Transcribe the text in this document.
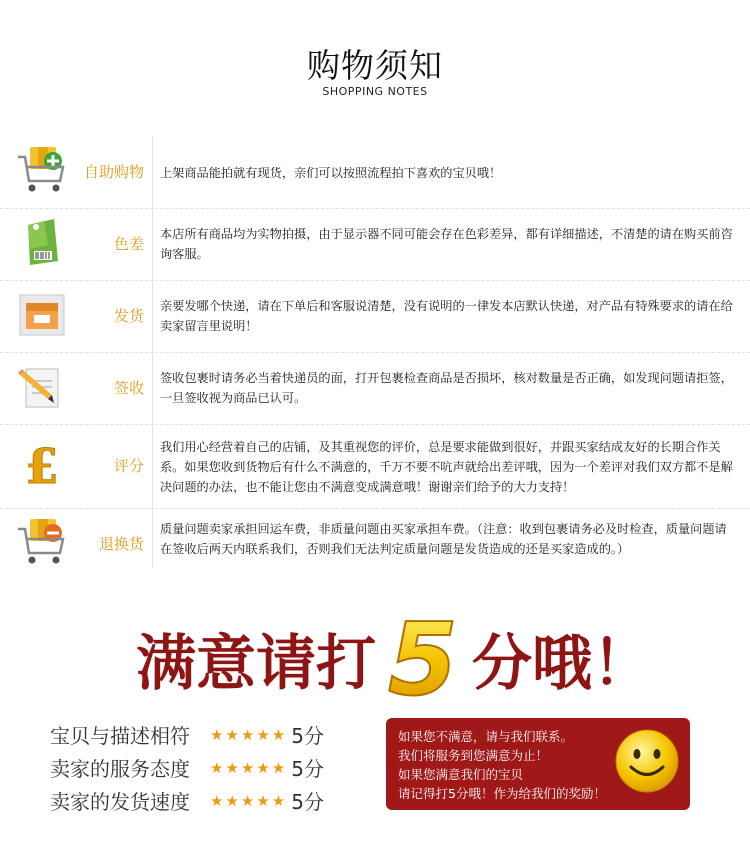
购物须知
SHOPPING NOTES
自助购物 上架商品能拍就有现货，亲们可以按照流程拍下喜欢的宝贝哦！
色差
本店所有商品均为实物拍摄，由于显示器不同可能会存在色彩差异，都有详细描述，不清楚的请在购买前咨询客服。
发货
亲要发哪个快递，请在下单后和客服说清楚，没有说明的一律发本店默认快递，对产品有特殊要求的请在给卖家留言里说明！
签收
签收包裹时请务必当着快递员的面，打开包裹检查商品是否损坏，核对数量是否正确，如发现问题请拒签，一旦签收视为商品已认可。
£	评分
我们用心经营着自己的店铺，及其重视您的评价，总是要求能做到很好，并跟买家结成友好的长期合作关系。如果您收到货物后有什么不满意的，千万不要不吭声就给出差评哦，因为一个差评对我们双方都不是解决问题的办法，也不能让您由不满意变成满意哦！谢谢亲们给予的大力支持！
退换货
质量问题卖家承担回运车费，非质量问题由买家承担车费。（注意：收到包裹请务必及时检查，质量问题请在签收后两天内联系我们，否则我们无法判定质量问题是发货造成的还是买家造成的。）
满意请打 5 分哦！
宝贝与描述相符	★★★★★ 5分
卖家的服务态度	★★★★★ 5分
卖家的发货速度	★★★★★ 5分
如果您不满意，请与我们联系。
我们将服务到您满意为止！
如果您满意我们的宝贝
请记得打5分哦！作为给我们的奖励！
